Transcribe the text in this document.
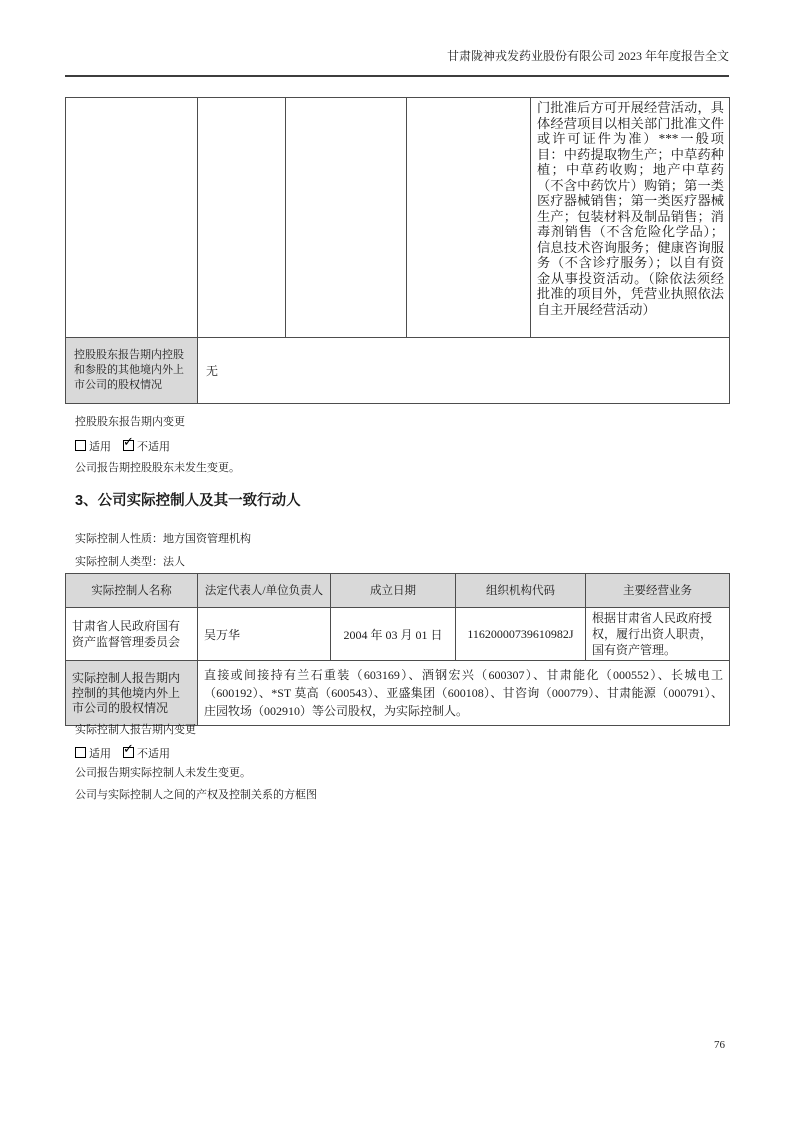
甘肃陇神戎发药业股份有限公司 2023 年年度报告全文
				门批准后方可开展经营活动，具体经营项目以相关部门批准文件或许可证件为准）***一般项目：中药提取物生产；中草药种植；中草药收购；地产中草药（不含中药饮片）购销；第一类医疗器械销售；第一类医疗器械生产；包装材料及制品销售；消毒剂销售（不含危险化学品）；信息技术咨询服务；健康咨询服务（不含诊疗服务）；以自有资金从事投资活动。（除依法须经批准的项目外，凭营业执照依法自主开展经营活动）
控股股东报告期内控股和参股的其他境内外上市公司的股权情况	无			

控股股东报告期内变更

适用 ✓ 不适用

公司报告期控股股东未发生变更。

3、公司实际控制人及其一致行动人

实际控制人性质：地方国资管理机构

实际控制人类型：法人

实际控制人名称	法定代表人/单位负责人	成立日期	组织机构代码	主要经营业务
甘肃省人民政府国有资产监督管理委员会	吴万华	2004 年 03 月 01 日	11620000739610982J	根据甘肃省人民政府授权，履行出资人职责，国有资产管理。
实际控制人报告期内控制的其他境内外上市公司的股权情况	直接或间接持有兰石重装（603169）、酒钢宏兴（600307）、甘肃能化（000552）、长城电工（600192）、*ST 莫高（600543）、亚盛集团（600108）、甘咨询（000779）、甘肃能源（000791）、庄园牧场（002910）等公司股权，为实际控制人。			

实际控制人报告期内变更

适用 ✓ 不适用

公司报告期实际控制人未发生变更。

公司与实际控制人之间的产权及控制关系的方框图

76
